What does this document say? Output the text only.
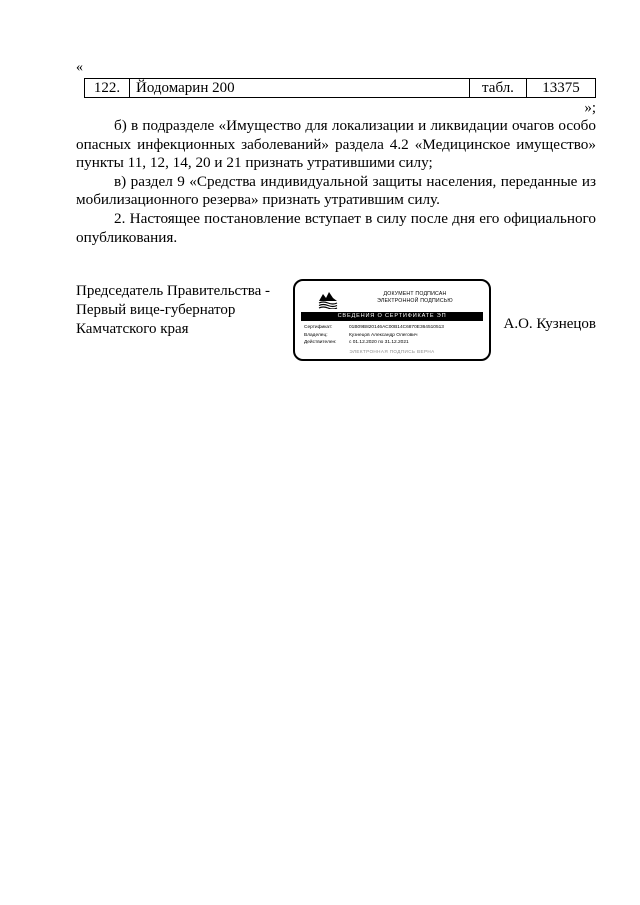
«
122.	Йодомарин 200	табл.	13375
»;

б) в подразделе «Имущество для локализации и ликвидации очагов особо опасных инфекционных заболеваний» раздела 4.2 «Медицинское имущество» пункты 11, 12, 14, 20 и 21 признать утратившими силу;

в) раздел 9 «Средства индивидуальной защиты населения, переданные из мобилизационного резерва» признать утратившим силу.

2. Настоящее постановление вступает в силу после дня его официального опубликования.

Председатель Правительства -
Первый вице-губернатор
Камчатского края
ДОКУМЕНТ ПОДПИСАН
ЭЛЕКТРОННОЙ ПОДПИСЬЮ
СВЕДЕНИЯ О СЕРТИФИКАТЕ ЭП
Сертификат:	01B09B820146AC00B14C6870E364510513
Владелец:	Кузнецов Александр Олегович
Действителен:	с 01.12.2020 по 31.12.2021
ЭЛЕКТРОННАЯ ПОДПИСЬ ВЕРНА
А.О. Кузнецов
